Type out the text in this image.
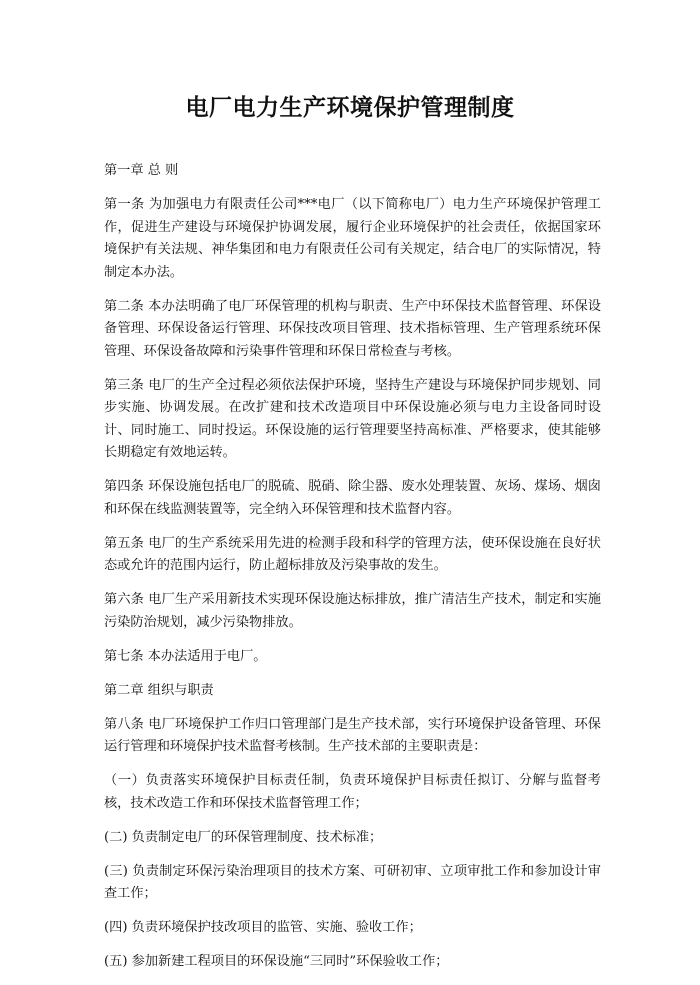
电厂电力生产环境保护管理制度

第一章 总 则

第一条 为加强电力有限责任公司***电厂（以下简称电厂）电力生产环境保护管理工作，促进生产建设与环境保护协调发展，履行企业环境保护的社会责任，依据国家环境保护有关法规、神华集团和电力有限责任公司有关规定，结合电厂的实际情况，特制定本办法。

第二条 本办法明确了电厂环保管理的机构与职责、生产中环保技术监督管理、环保设备管理、环保设备运行管理、环保技改项目管理、技术指标管理、生产管理系统环保管理、环保设备故障和污染事件管理和环保日常检查与考核。

第三条 电厂的生产全过程必须依法保护环境，坚持生产建设与环境保护同步规划、同步实施、协调发展。在改扩建和技术改造项目中环保设施必须与电力主设备同时设计、同时施工、同时投运。环保设施的运行管理要坚持高标准、严格要求，使其能够长期稳定有效地运转。

第四条 环保设施包括电厂的脱硫、脱硝、除尘器、废水处理装置、灰场、煤场、烟囱和环保在线监测装置等，完全纳入环保管理和技术监督内容。

第五条 电厂的生产系统采用先进的检测手段和科学的管理方法，使环保设施在良好状态或允许的范围内运行，防止超标排放及污染事故的发生。

第六条 电厂生产采用新技术实现环保设施达标排放，推广清洁生产技术，制定和实施污染防治规划，减少污染物排放。

第七条 本办法适用于电厂。

第二章 组织与职责

第八条 电厂环境保护工作归口管理部门是生产技术部，实行环境保护设备管理、环保运行管理和环境保护技术监督考核制。生产技术部的主要职责是：

（一）负责落实环境保护目标责任制，负责环境保护目标责任拟订、分解与监督考核，技术改造工作和环保技术监督管理工作；

(二) 负责制定电厂的环保管理制度、技术标准；

(三) 负责制定环保污染治理项目的技术方案、可研初审、立项审批工作和参加设计审查工作；

(四) 负责环境保护技改项目的监管、实施、验收工作；

(五) 参加新建工程项目的环保设施“三同时”环保验收工作；
